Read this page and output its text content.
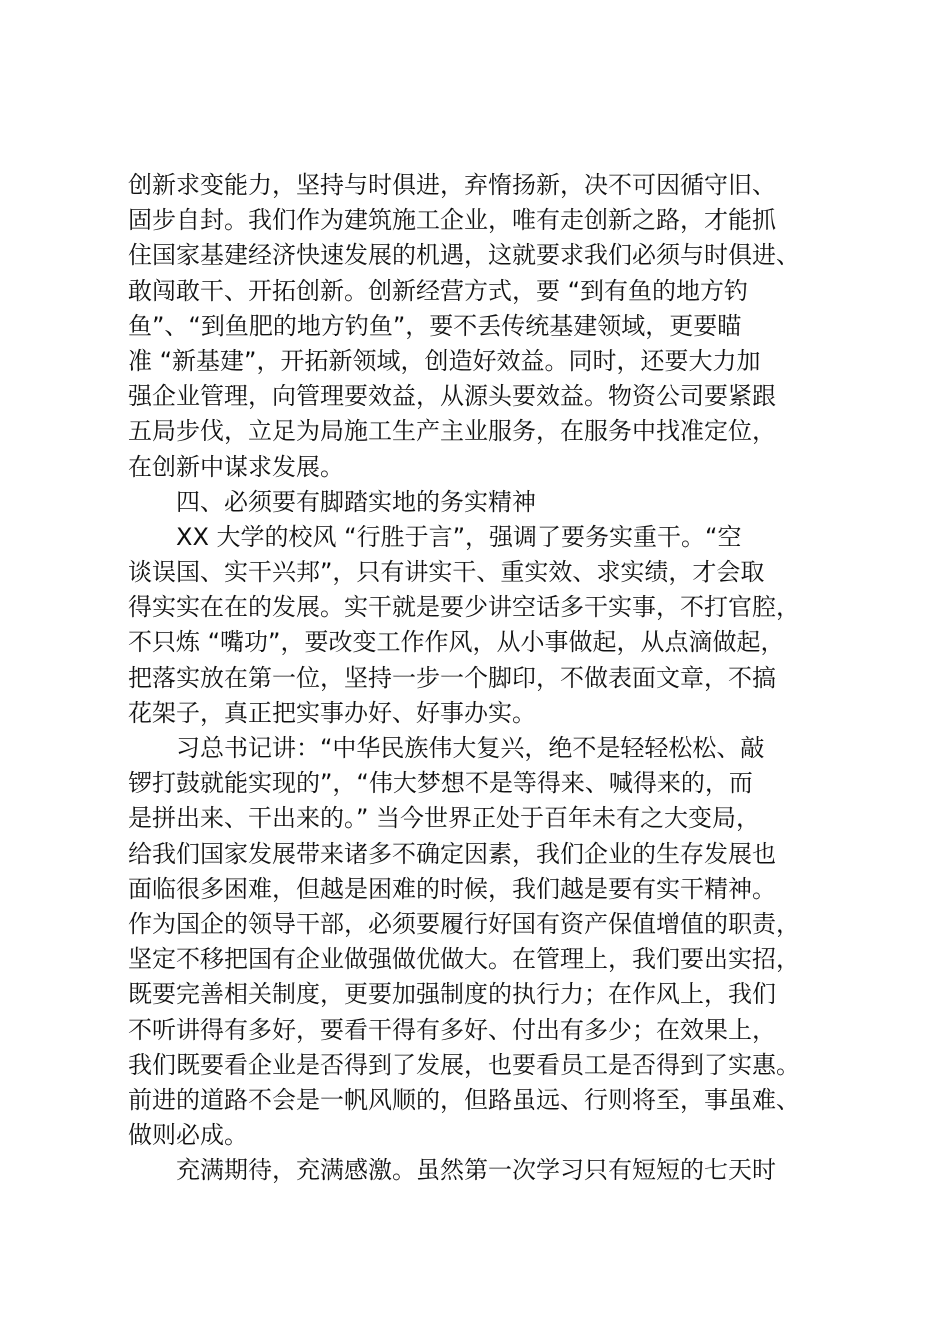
创新求变能力，坚持与时俱进，弃惰扬新，决不可因循守旧、
固步自封。我们作为建筑施工企业，唯有走创新之路，才能抓
住国家基建经济快速发展的机遇，这就要求我们必须与时俱进、
敢闯敢干、开拓创新。创新经营方式，要 “到有鱼的地方钓
鱼”、“到鱼肥的地方钓鱼”，要不丢传统基建领域，更要瞄
准 “新基建”，开拓新领域，创造好效益。同时，还要大力加
强企业管理，向管理要效益，从源头要效益。物资公司要紧跟
五局步伐，立足为局施工生产主业服务，在服务中找准定位，
在创新中谋求发展。
四、必须要有脚踏实地的务实精神
XX 大学的校风 “行胜于言”，强调了要务实重干。“空
谈误国、实干兴邦”，只有讲实干、重实效、求实绩，才会取
得实实在在的发展。实干就是要少讲空话多干实事，不打官腔，
不只炼 “嘴功”，要改变工作作风，从小事做起，从点滴做起，
把落实放在第一位，坚持一步一个脚印，不做表面文章，不搞
花架子，真正把实事办好、好事办实。
习总书记讲：“中华民族伟大复兴，绝不是轻轻松松、敲
锣打鼓就能实现的”，“伟大梦想不是等得来、喊得来的，而
是拼出来、干出来的。” 当今世界正处于百年未有之大变局，
给我们国家发展带来诸多不确定因素，我们企业的生存发展也
面临很多困难，但越是困难的时候，我们越是要有实干精神。
作为国企的领导干部，必须要履行好国有资产保值增值的职责，
坚定不移把国有企业做强做优做大。在管理上，我们要出实招，
既要完善相关制度，更要加强制度的执行力；在作风上，我们
不听讲得有多好，要看干得有多好、付出有多少；在效果上，
我们既要看企业是否得到了发展，也要看员工是否得到了实惠。
前进的道路不会是一帆风顺的，但路虽远、行则将至，事虽难、
做则必成。
充满期待，充满感激。虽然第一次学习只有短短的七天时
